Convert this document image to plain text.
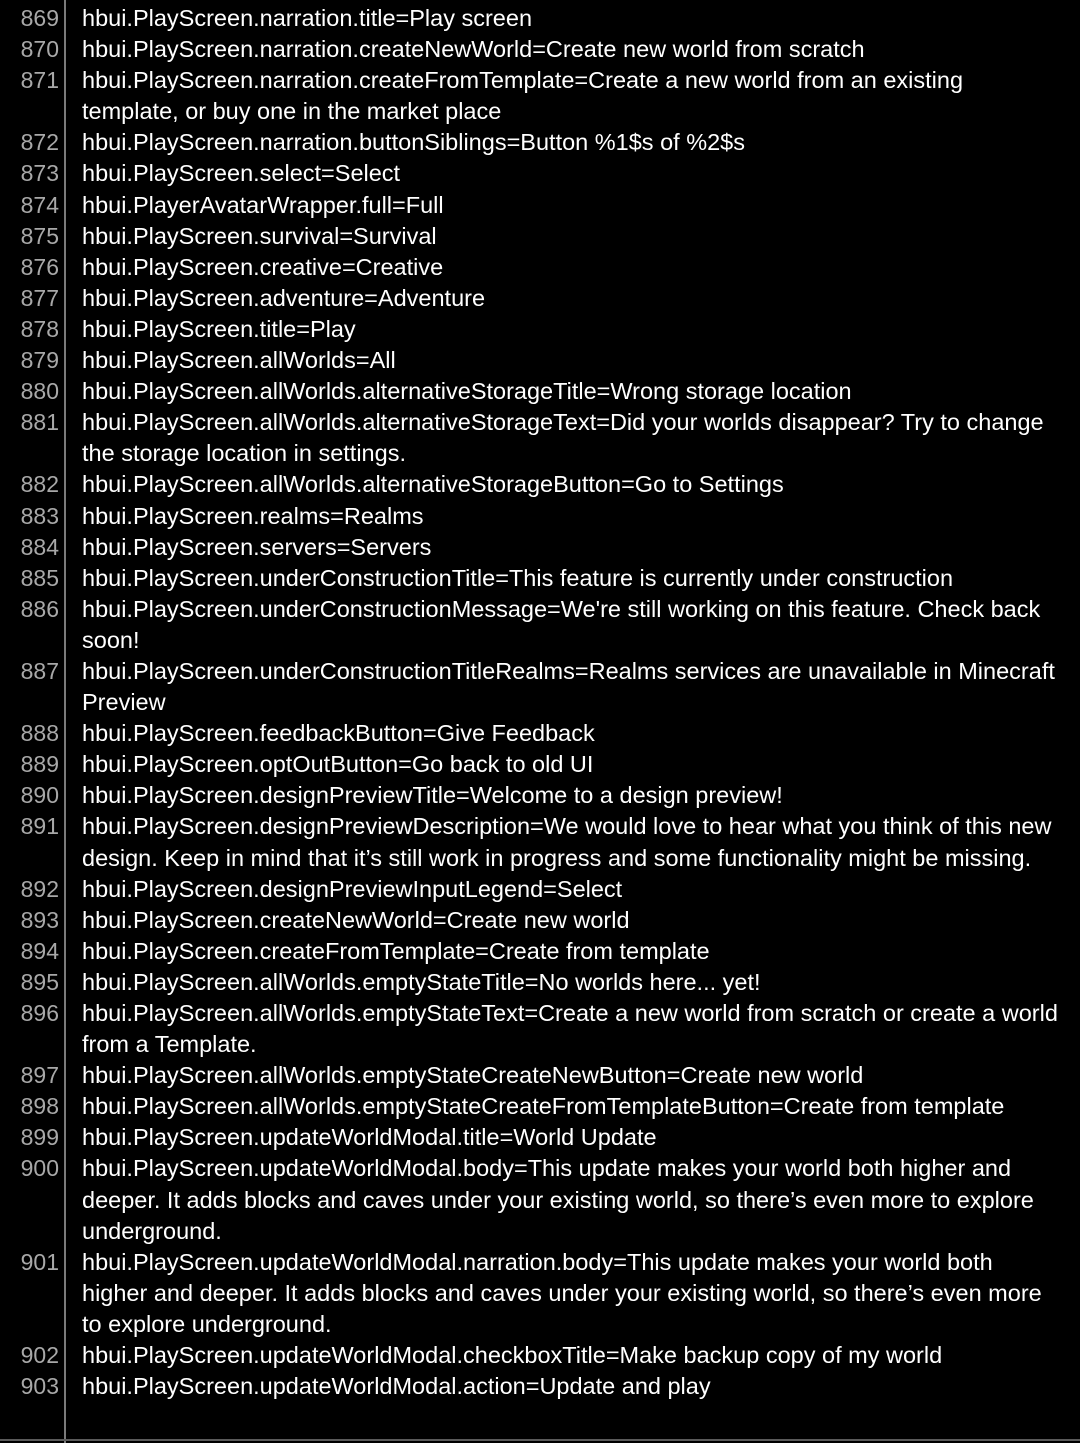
869 hbui.PlayScreen.narration.title=Play screen
870 hbui.PlayScreen.narration.createNewWorld=Create new world from scratch
871 hbui.PlayScreen.narration.createFromTemplate=Create a new world from an existing template, or buy one in the market place
872 hbui.PlayScreen.narration.buttonSiblings=Button %1$s of %2$s
873 hbui.PlayScreen.select=Select
874 hbui.PlayerAvatarWrapper.full=Full
875 hbui.PlayScreen.survival=Survival
876 hbui.PlayScreen.creative=Creative
877 hbui.PlayScreen.adventure=Adventure
878 hbui.PlayScreen.title=Play
879 hbui.PlayScreen.allWorlds=All
880 hbui.PlayScreen.allWorlds.alternativeStorageTitle=Wrong storage location
881 hbui.PlayScreen.allWorlds.alternativeStorageText=Did your worlds disappear? Try to change the storage location in settings.
882 hbui.PlayScreen.allWorlds.alternativeStorageButton=Go to Settings
883 hbui.PlayScreen.realms=Realms
884 hbui.PlayScreen.servers=Servers
885 hbui.PlayScreen.underConstructionTitle=This feature is currently under construction
886 hbui.PlayScreen.underConstructionMessage=We're still working on this feature. Check back soon!
887 hbui.PlayScreen.underConstructionTitleRealms=Realms services are unavailable in Minecraft Preview
888 hbui.PlayScreen.feedbackButton=Give Feedback
889 hbui.PlayScreen.optOutButton=Go back to old UI
890 hbui.PlayScreen.designPreviewTitle=Welcome to a design preview!
891 hbui.PlayScreen.designPreviewDescription=We would love to hear what you think of this new design. Keep in mind that it’s still work in progress and some functionality might be missing.
892 hbui.PlayScreen.designPreviewInputLegend=Select
893 hbui.PlayScreen.createNewWorld=Create new world
894 hbui.PlayScreen.createFromTemplate=Create from template
895 hbui.PlayScreen.allWorlds.emptyStateTitle=No worlds here... yet!
896 hbui.PlayScreen.allWorlds.emptyStateText=Create a new world from scratch or create a world from a Template.
897 hbui.PlayScreen.allWorlds.emptyStateCreateNewButton=Create new world
898 hbui.PlayScreen.allWorlds.emptyStateCreateFromTemplateButton=Create from template
899 hbui.PlayScreen.updateWorldModal.title=World Update
900 hbui.PlayScreen.updateWorldModal.body=This update makes your world both higher and deeper. It adds blocks and caves under your existing world, so there’s even more to explore underground.
901 hbui.PlayScreen.updateWorldModal.narration.body=This update makes your world both higher and deeper. It adds blocks and caves under your existing world, so there’s even more to explore underground.
902 hbui.PlayScreen.updateWorldModal.checkboxTitle=Make backup copy of my world
903 hbui.PlayScreen.updateWorldModal.action=Update and play
